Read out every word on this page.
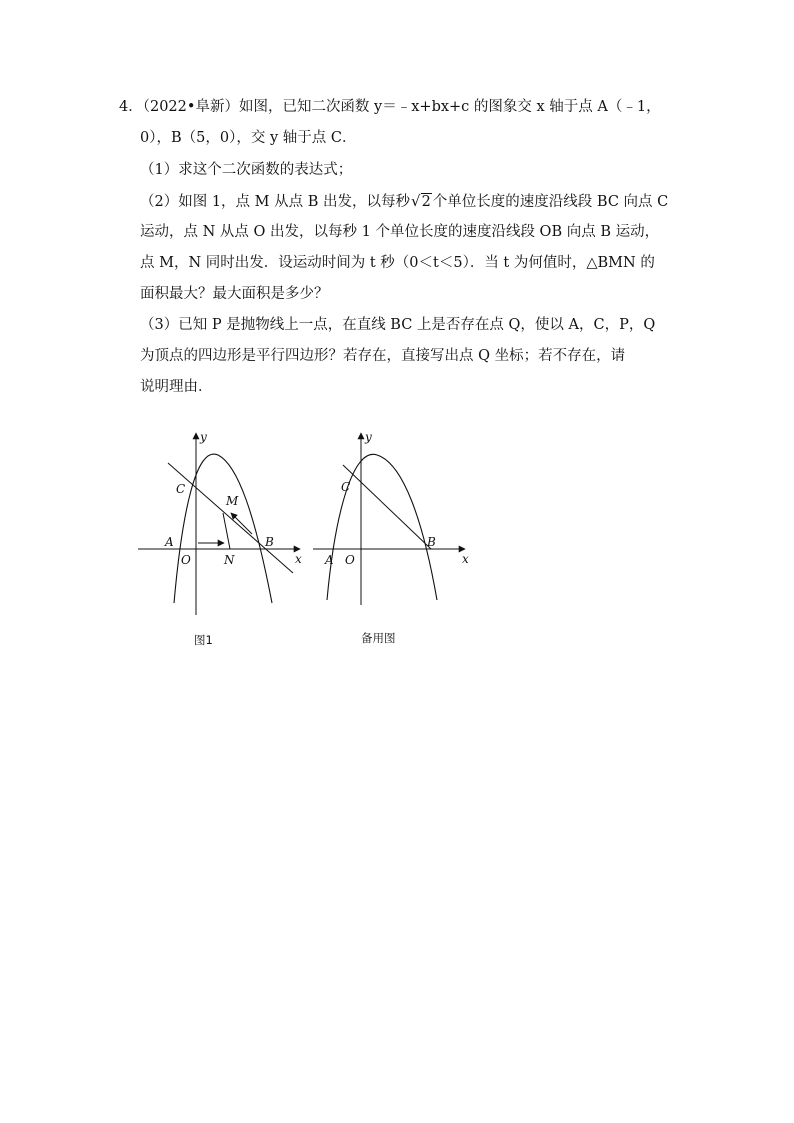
4．（2022•阜新）如图，已知二次函数 y＝﹣x+bx+c 的图象交 x 轴于点 A（﹣1，
0），B（5，0），交 y 轴于点 C．
（1）求这个二次函数的表达式；
（2）如图 1，点 M 从点 B 出发，以每秒√2 个单位长度的速度沿线段 BC 向点 C
运动，点 N 从点 O 出发，以每秒 1 个单位长度的速度沿线段 OB 向点 B 运动，
点 M，N 同时出发．设运动时间为 t 秒（0＜t＜5）．当 t 为何值时，△BMN 的
面积最大？最大面积是多少？
（3）已知 P 是抛物线上一点，在直线 BC 上是否存在点 Q，使以 A，C，P，Q
为顶点的四边形是平行四边形？若存在，直接写出点 Q 坐标；若不存在，请
说明理由．
y
x
C
M
A
O	N
B
图1
y
x
C
A O
B
备用图
